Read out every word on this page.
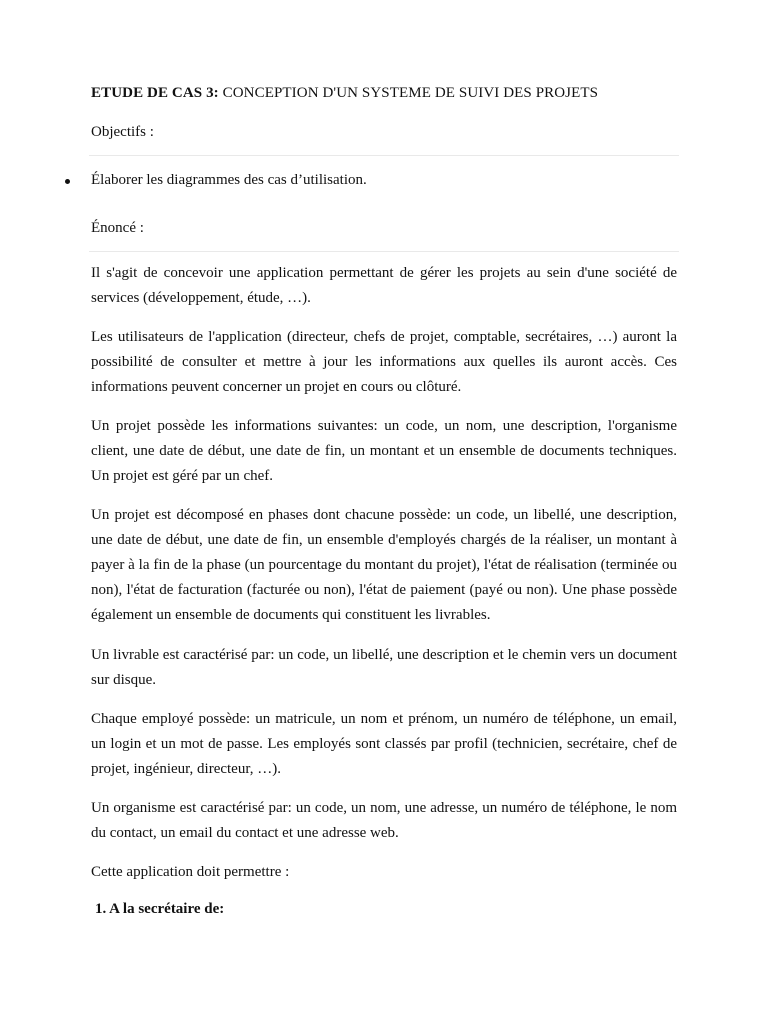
ETUDE DE CAS 3: CONCEPTION D'UN SYSTEME DE SUIVI DES PROJETS
Objectifs :
Élaborer les diagrammes des cas d’utilisation.
Énoncé :

Il s'agit de concevoir une application permettant de gérer les projets au sein d'une société de services (développement, étude, …).

Les utilisateurs de l'application (directeur, chefs de projet, comptable, secrétaires, …) auront la possibilité de consulter et mettre à jour les informations aux quelles ils auront accès. Ces informations peuvent concerner un projet en cours ou clôturé.

Un projet possède les informations suivantes: un code, un nom, une description, l'organisme client, une date de début, une date de fin, un montant et un ensemble de documents techniques. Un projet est géré par un chef.

Un projet est décomposé en phases dont chacune possède: un code, un libellé, une description, une date de début, une date de fin, un ensemble d'employés chargés de la réaliser, un montant à payer à la fin de la phase (un pourcentage du montant du projet), l'état de réalisation (terminée ou non), l'état de facturation (facturée ou non), l'état de paiement (payé ou non). Une phase possède également un ensemble de documents qui constituent les livrables.

Un livrable est caractérisé par: un code, un libellé, une description et le chemin vers un document sur disque.

Chaque employé possède: un matricule, un nom et prénom, un numéro de téléphone, un email, un login et un mot de passe. Les employés sont classés par profil (technicien, secrétaire, chef de projet, ingénieur, directeur, …).

Un organisme est caractérisé par: un code, un nom, une adresse, un numéro de téléphone, le nom du contact, un email du contact et une adresse web.

Cette application doit permettre :

1. A la secrétaire de:
